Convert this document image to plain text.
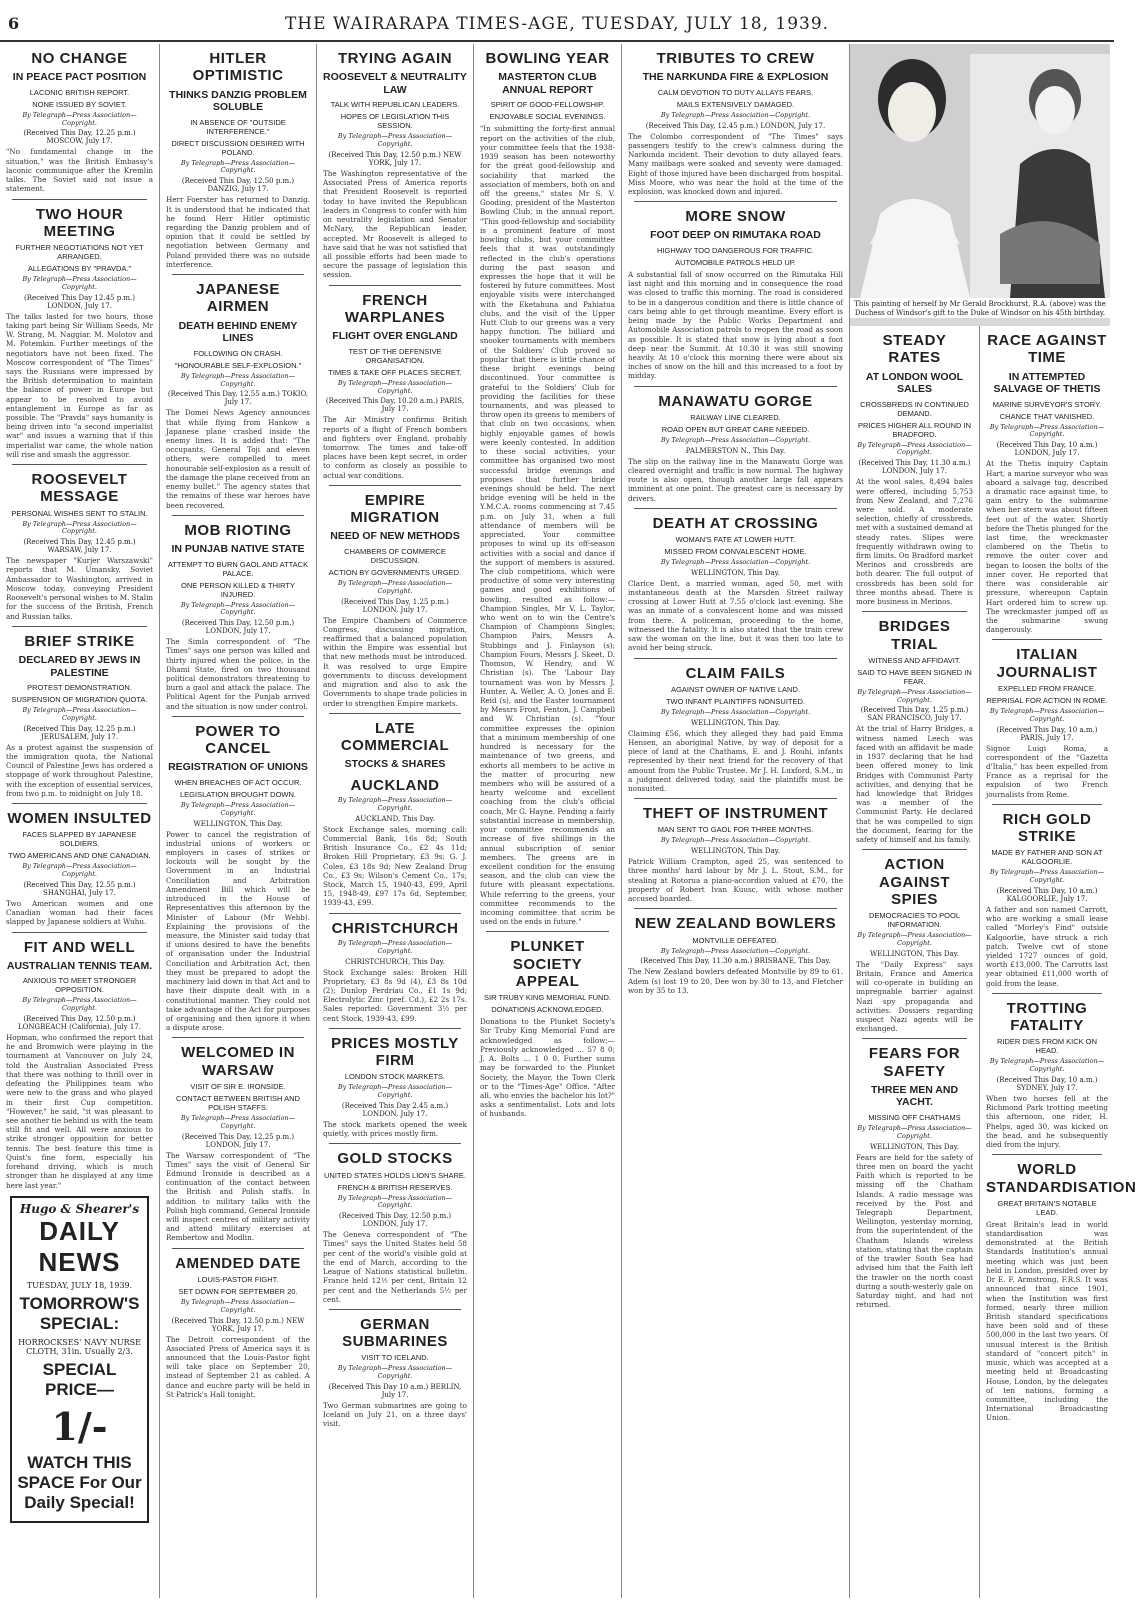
6	THE WAIRARAPA TIMES-AGE, TUESDAY, JULY 18, 1939.
NO CHANGE
IN PEACE PACT POSITION
LACONIC BRITISH REPORT.
NONE ISSUED BY SOVIET.
By Telegraph—Press Association—Copyright.
(Received This Day, 12.25 p.m.) MOSCOW, July 17.

"No fundamental change in the situation," was the British Embassy's laconic communique after the Kremlin talks. The Soviet said not issue a statement.

TWO HOUR MEETING
FURTHER NEGOTIATIONS NOT YET ARRANGED.
ALLEGATIONS BY "PRAVDA."
By Telegraph—Press Association—Copyright.
(Received This Day 12.45 p.m.) LONDON, July 17.

The talks lasted for two hours, those taking part being Sir William Seeds, Mr W. Strang, M. Naggiar, M. Molotov and M. Potemkin. Further meetings of the negotiators have not been fixed. The Moscow correspondent of "The Times" says the Russians were impressed by the British determination to maintain the balance of power in Europe but appear to be resolved to avoid entanglement in Europe as far as possible. The "Pravda" says humanity is being driven into "a second imperialist war" and issues a warning that if this imperialist war came, the whole nation will rise and smash the aggressor.

ROOSEVELT MESSAGE
PERSONAL WISHES SENT TO STALIN.
By Telegraph—Press Association—Copyright.
(Received This Day, 12.45 p.m.) WARSAW, July 17.

The newspaper "Kurjer Warszawski" reports that M. Umansky, Soviet Ambassador to Washington, arrived in Moscow today, conveying President Roosevelt's personal wishes to M. Stalin for the success of the British, French and Russian talks.

BRIEF STRIKE
DECLARED BY JEWS IN PALESTINE
PROTEST DEMONSTRATION.
SUSPENSION OF MIGRATION QUOTA.
By Telegraph—Press Association—Copyright.
(Received This Day, 12.25 p.m.) JERUSALEM, July 17.

As a protest against the suspension of the immigration quota, the National Council of Palestine Jews has ordered a stoppage of work throughout Palestine, with the exception of essential services, from two p.m. to midnight on July 18.

WOMEN INSULTED
FACES SLAPPED BY JAPANESE SOLDIERS.
TWO AMERICANS AND ONE CANADIAN.
By Telegraph—Press Association—Copyright.
(Received This Day, 12.55 p.m.) SHANGHAI, July 17.

Two American women and one Canadian woman had their faces slapped by Japanese soldiers at Wuhu.

FIT AND WELL
AUSTRALIAN TENNIS TEAM.
ANXIOUS TO MEET STRONGER OPPOSITION.
By Telegraph—Press Association—Copyright.
(Received This Day, 12.50 p.m.) LONGBEACH (California), July 17.

Hopman, who confirmed the report that he and Bromwich were playing in the tournament at Vancouver on July 24, told the Australian Associated Press that there was nothing to thrill over in defeating the Philippines team who were new to the grass and who played in their first Cup competition. "However," he said, "it was pleasant to see another tie behind us with the team still fit and well. All were anxious to strike stronger opposition for better tennis. The best feature this time is Quist's fine form, especially his forehand driving, which is much stronger than he displayed at any time here last year."

Hugo & Shearer's
DAILY NEWS
TUESDAY, JULY 18, 1939.
TOMORROW'S SPECIAL:
HORROCKSES' NAVY NURSE CLOTH, 31in. Usually 2/3.
SPECIAL PRICE—
1/-
WATCH THIS SPACE For Our Daily Special!
HITLER OPTIMISTIC
THINKS DANZIG PROBLEM SOLUBLE
IN ABSENCE OF "OUTSIDE INTERFERENCE."
DIRECT DISCUSSION DESIRED WITH POLAND.
By Telegraph—Press Association—Copyright.
(Received This Day, 12.50 p.m.) DANZIG, July 17.

Herr Foerster has returned to Danzig. It is understood that he indicated that he found Herr Hitler optimistic regarding the Danzig problem and of opinion that it could be settled by negotiation between Germany and Poland provided there was no outside interference.

JAPANESE AIRMEN
DEATH BEHIND ENEMY LINES
FOLLOWING ON CRASH.
"HONOURABLE SELF-EXPLOSION."
By Telegraph—Press Association—Copyright.
(Received This Day, 12.55 a.m.) TOKIO, July 17.

The Domei News Agency announces that while flying from Hankow a Japanese plane crashed inside the enemy lines. It is added that: "The occupants, General Toji and eleven others, were compelled to meet honourable self-explosion as a result of the damage the plane received from an enemy bullet." The agency states that the remains of these war heroes have been recovered.

MOB RIOTING
IN PUNJAB NATIVE STATE
ATTEMPT TO BURN GAOL AND ATTACK PALACE.
ONE PERSON KILLED & THIRTY INJURED.
By Telegraph—Press Association—Copyright.
(Received This Day, 12.50 p.m.) LONDON, July 17.

The Simla correspondent of "The Times" says one person was killed and thirty injured when the police, in the Dhami State, fired on two thousand political demonstrators threatening to burn a gaol and attack the palace. The Political Agent for the Punjab arrived and the situation is now under control.

POWER TO CANCEL
REGISTRATION OF UNIONS
WHEN BREACHES OF ACT OCCUR.
LEGISLATION BROUGHT DOWN.
By Telegraph—Press Association—Copyright.
WELLINGTON, This Day.

Power to cancel the registration of industrial unions of workers or employers in cases of strikes or lockouts will be sought by the Government in an Industrial Conciliation and Arbitration Amendment Bill which will be introduced in the House of Representatives this afternoon by the Minister of Labour (Mr Webb). Explaining the provisions of the measure, the Minister said today that if unions desired to have the benefits of organisation under the Industrial Conciliation and Arbitration Act, then they must be prepared to adopt the machinery laid down in that Act and to have their dispute dealt with in a constitutional manner. They could not take advantage of the Act for purposes of organising and then ignore it when a dispute arose.

WELCOMED IN WARSAW
VISIT OF SIR E. IRONSIDE.
CONTACT BETWEEN BRITISH AND POLISH STAFFS.
By Telegraph—Press Association—Copyright.
(Received This Day, 12.25 p.m.) LONDON, July 17.

The Warsaw correspondent of "The Times" says the visit of General Sir Edmund Ironside is described as a continuation of the contact between the British and Polish staffs. In addition to military talks with the Polish high command, General Ironside will inspect centres of military activity and attend military exercises at Rembertow and Modlin.

AMENDED DATE
LOUIS-PASTOR FIGHT.
SET DOWN FOR SEPTEMBER 20.
By Telegraph—Press Association—Copyright.
(Received This Day, 12.50 p.m.) NEW YORK, July 17.

The Detroit correspondent of the Associated Press of America says it is announced that the Louis-Pastor fight will take place on September 20, instead of September 21 as cabled. A dance and euchre party will be held in St Patrick's Hall tonight.

TRYING AGAIN
ROOSEVELT & NEUTRALITY LAW
TALK WITH REPUBLICAN LEADERS.
HOPES OF LEGISLATION THIS SESSION.
By Telegraph—Press Association—Copyright.
(Received This Day, 12.50 p.m.) NEW YORK, July 17.

The Washington representative of the Associated Press of America reports that President Roosevelt is reported today to have invited the Republican leaders in Congress to confer with him on neutrality legislation and Senator McNary, the Republican leader, accepted. Mr Roosevelt is alleged to have said that he was not satisfied that all possible efforts had been made to secure the passage of legislation this session.

FRENCH WARPLANES
FLIGHT OVER ENGLAND
TEST OF THE DEFENSIVE ORGANISATION.
TIMES & TAKE OFF PLACES SECRET.
By Telegraph—Press Association—Copyright.
(Received This Day, 10.20 a.m.) PARIS, July 17.

The Air Ministry confirms British reports of a flight of French bombers and fighters over England, probably tomorrow. The times and take-off places have been kept secret, in order to conform as closely as possible to actual war conditions.

EMPIRE MIGRATION
NEED OF NEW METHODS
CHAMBERS OF COMMERCE DISCUSSION.
ACTION BY GOVERNMENTS URGED.
By Telegraph—Press Association—Copyright.
(Received This Day, 1.25 p.m.) LONDON, July 17.

The Empire Chambers of Commerce Congress, discussing migration, reaffirmed that a balanced population within the Empire was essential but that new methods must be introduced. It was resolved to urge Empire governments to discuss development and migration and also to ask the Governments to shape trade policies in order to strengthen Empire markets.

LATE COMMERCIAL
STOCKS & SHARES
AUCKLAND
By Telegraph—Press Association—Copyright.
AUCKLAND, This Day.

Stock Exchange sales, morning call: Commercial Bank, 16s 8d; South British Insurance Co., £2 4s 11d; Broken Hill Proprietary, £3 9s; G. J. Coles, £3 18s 9d; New Zealand Drug Co., £3 9s; Wilson's Cement Co., 17s; Stock, March 15, 1940-43, £99, April 15, 1948-49, £97 17s 6d, September, 1939-43, £99.

CHRISTCHURCH
By Telegraph—Press Association—Copyright.
CHRISTCHURCH, This Day.

Stock Exchange sales: Broken Hill Proprietary, £3 8s 9d (4), £3 8s 10d (2); Dunlop Perdriau Co., £1 1s 9d; Electrolytic Zinc (pref. Cd.), £2 2s 17s. Sales reported: Government 3½ per cent Stock, 1939-43, £99.

PRICES MOSTLY FIRM
LONDON STOCK MARKETS.
By Telegraph—Press Association—Copyright.
(Received This Day 2.45 a.m.) LONDON, July 17.

The stock markets opened the week quietly, with prices mostly firm.

GOLD STOCKS
UNITED STATES HOLDS LION'S SHARE.
FRENCH & BRITISH RESERVES.
By Telegraph—Press Association—Copyright.
(Received This Day, 12.50 p.m.) LONDON, July 17.

The Geneva correspondent of "The Times" says the United States held 58 per cent of the world's visible gold at the end of March, according to the League of Nations statistical bulletin. France held 12½ per cent, Britain 12 per cent and the Netherlands 5½ per cent.

GERMAN SUBMARINES
VISIT TO ICELAND.
By Telegraph—Press Association—Copyright.
(Received This Day 10 a.m.) BERLIN, July 17.

Two German submarines are going to Iceland on July 21, on a three days' visit.

BOWLING YEAR
MASTERTON CLUB ANNUAL REPORT
SPIRIT OF GOOD-FELLOWSHIP.
ENJOYABLE SOCIAL EVENINGS.

"In submitting the forty-first annual report on the activities of the club, your committee feels that the 1938-1939 season has been noteworthy for the great good-fellowship and sociability that marked the association of members, both on and off the greens," states Mr S. V. Gooding, president of the Masterton Bowling Club, in the annual report. "This good-fellowship and sociability is a prominent feature of most bowling clubs, but your committee feels that it was outstandingly reflected in the club's operations during the past season and expresses the hope that it will be fostered by future committees. Most enjoyable visits were interchanged with the Eketahuna and Pahiatua clubs, and the visit of the Upper Hutt Club to our greens was a very happy function. The billiard and snooker tournaments with members of the Soldiers' Club proved so popular that there is little chance of these bright evenings being discontinued. Your committee is grateful to the Soldiers' Club for providing the facilities for these tournaments, and was pleased to throw open its greens to members of that club on two occasions, when highly enjoyable games of bowls were keenly contested. In addition to these social activities, your committee has organised two most successful bridge evenings and proposes that further bridge evenings should be held. The next bridge evening will be held in the Y.M.C.A. rooms commencing at 7.45 p.m. on July 31, when a full attendance of members will be appreciated. Your committee proposes to wind up its off-season activities with a social and dance if the support of members is assured. The club competitions, which were productive of some very interesting games and good exhibitions of bowling, resulted as follow:—Champion Singles, Mr V. L. Taylor, who went on to win the Centre's Champion of Champions Singles; Champion Pairs, Messrs A. Stubbings and J. Finlayson (s); Champion Fours, Messrs J. Skeet, D. Thomson, W. Hendry, and W. Christian (s). The 'Labour Day tournament was won by Messrs J. Hunter, A. Weller, A. O. Jones and E. Reid (s), and the Easter tournament by Messrs Frost, Fenton, J. Campbell and W. Christian (s). "Your committee expresses the opinion that a minimum membership of one hundred is necessary for the maintenance of two greens, and exhorts all members to be active in the matter of procuring new members who will be assured of a hearty welcome and excellent coaching from the club's official coach, Mr G. Hayne. Pending a fairly substantial increase in membership, your committee recommends an increase of five shillings in the annual subscription of senior members. The greens are in excellent condition for the ensuing season, and the club can view the future with pleasant expectations. While referring to the greens, your committee recommends to the incoming committee that scrim be used on the ends in future."

PLUNKET SOCIETY APPEAL
SIR TRUBY KING MEMORIAL FUND.
DONATIONS ACKNOWLEDGED.

Donations to the Plunket Society's Sir Truby King Memorial Fund are acknowledged as follow:— Previously acknowledged ... 57 8 0; J. A. Bolts ... 1 0 0. Further sums may be forwarded to the Plunket Society, the Mayor, the Town Clerk or to the "Times-Age" Office. "After all, who envies the bachelor his lot?" asks a sentimentalist. Lots and lots of husbands.

TRIBUTES TO CREW
THE NARKUNDA FIRE & EXPLOSION
CALM DEVOTION TO DUTY ALLAYS FEARS.
MAILS EXTENSIVELY DAMAGED.
By Telegraph—Press Association—Copyright.
(Received This Day, 12.45 p.m.) LONDON, July 17.

The Colombo correspondent of "The Times" says passengers testify to the crew's calmness during the Narkunda incident. Their devotion to duty allayed fears. Many mailbags were soaked and seventy were damaged. Eight of those injured have been discharged from hospital. Miss Moore, who was near the hold at the time of the explosion, was knocked down and injured.

MORE SNOW
FOOT DEEP ON RIMUTAKA ROAD
HIGHWAY TOO DANGEROUS FOR TRAFFIC.
AUTOMOBILE PATROLS HELD UP.

A substantial fall of snow occurred on the Rimutaka Hill last night and this morning and in consequence the road was closed to traffic this morning. The road is considered to be in a dangerous condition and there is little chance of cars being able to get through meantime. Every effort is being made by the Public Works Department and Automobile Association patrols to reopen the road as soon as possible. It is stated that snow is lying about a foot deep near the Summit. At 10.30 it was still snowing heavily. At 10 o'clock this morning there were about six inches of snow on the hill and this increased to a foot by midday.

MANAWATU GORGE
RAILWAY LINE CLEARED.
ROAD OPEN BUT GREAT CARE NEEDED.
By Telegraph—Press Association—Copyright.
PALMERSTON N., This Day.

The slip on the railway line in the Manawatu Gorge was cleared overnight and traffic is now normal. The highway route is also open, though another large fall appears imminent at one point. The greatest care is necessary by drivers.

DEATH AT CROSSING
WOMAN'S FATE AT LOWER HUTT.
MISSED FROM CONVALESCENT HOME.
By Telegraph—Press Association—Copyright.
WELLINGTON, This Day.

Clarice Dent, a married woman, aged 50, met with instantaneous death at the Marsden Street railway crossing at Lower Hutt at 7.55 o'clock last evening. She was an inmate of a convalescent home and was missed from there. A policeman, proceeding to the home, witnessed the fatality. It is also stated that the train crew saw the woman on the line, but it was then too late to avoid her being struck.

CLAIM FAILS
AGAINST OWNER OF NATIVE LAND.
TWO INFANT PLAINTIFFS NONSUITED.
By Telegraph—Press Association—Copyright.
WELLINGTON, This Day.

Claiming £56, which they alleged they had paid Emma Hensen, an aboriginal Native, by way of deposit for a piece of land at the Chathams, E. and J. Rouhi, infants represented by their next friend for the recovery of that amount from the Public Trustee. Mr J. H. Luxford, S.M., in a judgment delivered today, said the plaintiffs must be nonsuited.

THEFT OF INSTRUMENT
MAN SENT TO GAOL FOR THREE MONTHS.
By Telegraph—Press Association—Copyright.
WELLINGTON, This Day.

Patrick William Crampton, aged 25, was sentenced to three months' hard labour by Mr J. L. Stout, S.M., for stealing at Rotorua a piano-accordion valued at £70, the property of Robert Ivan Kuusc, with whose mother accused boarded.

NEW ZEALAND BOWLERS
MONTVILLE DEFEATED.
By Telegraph—Press Association—Copyright.
(Received This Day, 11.30 a.m.) BRISBANE, This Day.

The New Zealand bowlers defeated Montville by 89 to 61. Adem (s) lost 19 to 20, Dee won by 30 to 13, and Fletcher won by 35 to 13.

STEADY RATES
AT LONDON WOOL SALES
CROSSBREDS IN CONTINUED DEMAND.
PRICES HIGHER ALL ROUND IN BRADFORD.
By Telegraph—Press Association—Copyright.
(Received This Day, 11.30 a.m.) LONDON, July 17.

At the wool sales, 8,494 bales were offered, including 5,753 from New Zealand, and 7,276 were sold. A moderate selection, chiefly of crossbreds, met with a sustained demand at steady rates. Slipes were frequently withdrawn owing to firm limits. On Bradford market Merinos and crossbreds are both dearer. The full output of crossbreds has been sold for three months ahead. There is more business in Merinos.

BRIDGES TRIAL
WITNESS AND AFFIDAVIT.
SAID TO HAVE BEEN SIGNED IN FEAR.
By Telegraph—Press Association—Copyright.
(Received This Day, 1.25 p.m.) SAN FRANCISCO, July 17.

At the trial of Harry Bridges, a witness named Leech was faced with an affidavit he made in 1937 declaring that he had been offered money to link Bridges with Communist Party activities, and denying that he had knowledge that Bridges was a member of the Communist Party. He declared that he was compelled to sign the document, fearing for the safety of himself and his family.

ACTION AGAINST SPIES
DEMOCRACIES TO POOL INFORMATION.
By Telegraph—Press Association—Copyright.
WELLINGTON, This Day.

The "Daily Express" says Britain, France and America will co-operate in building an impregnable barrier against Nazi spy propaganda and activities. Dossiers regarding suspect Nazi agents will be exchanged.

FEARS FOR SAFETY
THREE MEN AND YACHT.
MISSING OFF CHATHAMS
By Telegraph—Press Association—Copyright.
WELLINGTON, This Day.

Fears are held for the safety of three men on board the yacht Faith which is reported to be missing off the Chatham Islands. A radio message was received by the Post and Telegraph Department, Wellington, yesterday morning, from the superintendent of the Chatham Islands wireless station, stating that the captain of the trawler South Sea had advised him that the Faith left the trawler on the north coast during a south-westerly gale on Saturday night, and had not returned.

RACE AGAINST TIME
IN ATTEMPTED SALVAGE OF THETIS
MARINE SURVEYOR'S STORY.
CHANCE THAT VANISHED.
By Telegraph—Press Association—Copyright.
(Received This Day, 10 a.m.) LONDON, July 17.

At the Thetis inquiry Captain Hart, a marine surveyor who was aboard a salvage tug, described a dramatic race against time, to gain entry to the submarine when her stern was about fifteen feet out of the water. Shortly before the Thetis plunged for the last time, the wreckmaster clambered on the Thetis to remove the outer cover and began to loosen the bolts of the inner cover. He reported that there was considerable air pressure, whereupon Captain Hart ordered him to screw up. The wreckmaster jumped off as the submarine swung dangerously.

ITALIAN JOURNALIST
EXPELLED FROM FRANCE.
REPRISAL FOR ACTION IN ROME.
By Telegraph—Press Association—Copyright.
(Received This Day, 10 a.m.) PARIS, July 17.

Signor Luigi Roma, a correspondent of the "Gazetta d'Italia," has been expelled from France as a reprisal for the expulsion of two French journalists from Rome.

RICH GOLD STRIKE
MADE BY FATHER AND SON AT KALGOORLIE.
By Telegraph—Press Association—Copyright.
(Received This Day, 10 a.m.) KALGOORLIE, July 17.

A father and son named Carrott, who are working a small lease called "Morley's Find" outside Kalgoorlie, have struck a rich patch. Twelve cwt of stone yielded 1727 ounces of gold, worth £13,000. The Carrotts last year obtained £11,000 worth of gold from the lease.

TROTTING FATALITY
RIDER DIES FROM KICK ON HEAD.
By Telegraph—Press Association—Copyright.
(Received This Day, 10 a.m.) SYDNEY, July 17.

When two horses fell at the Richmond Park trotting meeting this afternoon, one rider, H. Phelps, aged 30, was kicked on the head, and he subsequently died from the injury.

WORLD STANDARDISATION
GREAT BRITAIN'S NOTABLE LEAD.

Great Britain's lead in world standardisation was demonstrated at the British Standards Institution's annual meeting which was just been held in London, presided over by Dr E. F. Armstrong, F.R.S. It was announced that since 1901, when the Institution was first formed, nearly three million British standard specifications have been sold and of these 500,000 in the last two years. Of unusual interest is the British standard of "concert pitch" in music, which was accepted at a meeting held at Broadcasting House, London, by the delegates of ten nations, forming a committee, including the International Broadcasting Union.

This painting of herself by Mr Gerald Brockhurst, R.A. (above) was the Duchess of Windsor's gift to the Duke of Windsor on his 45th birthday.
